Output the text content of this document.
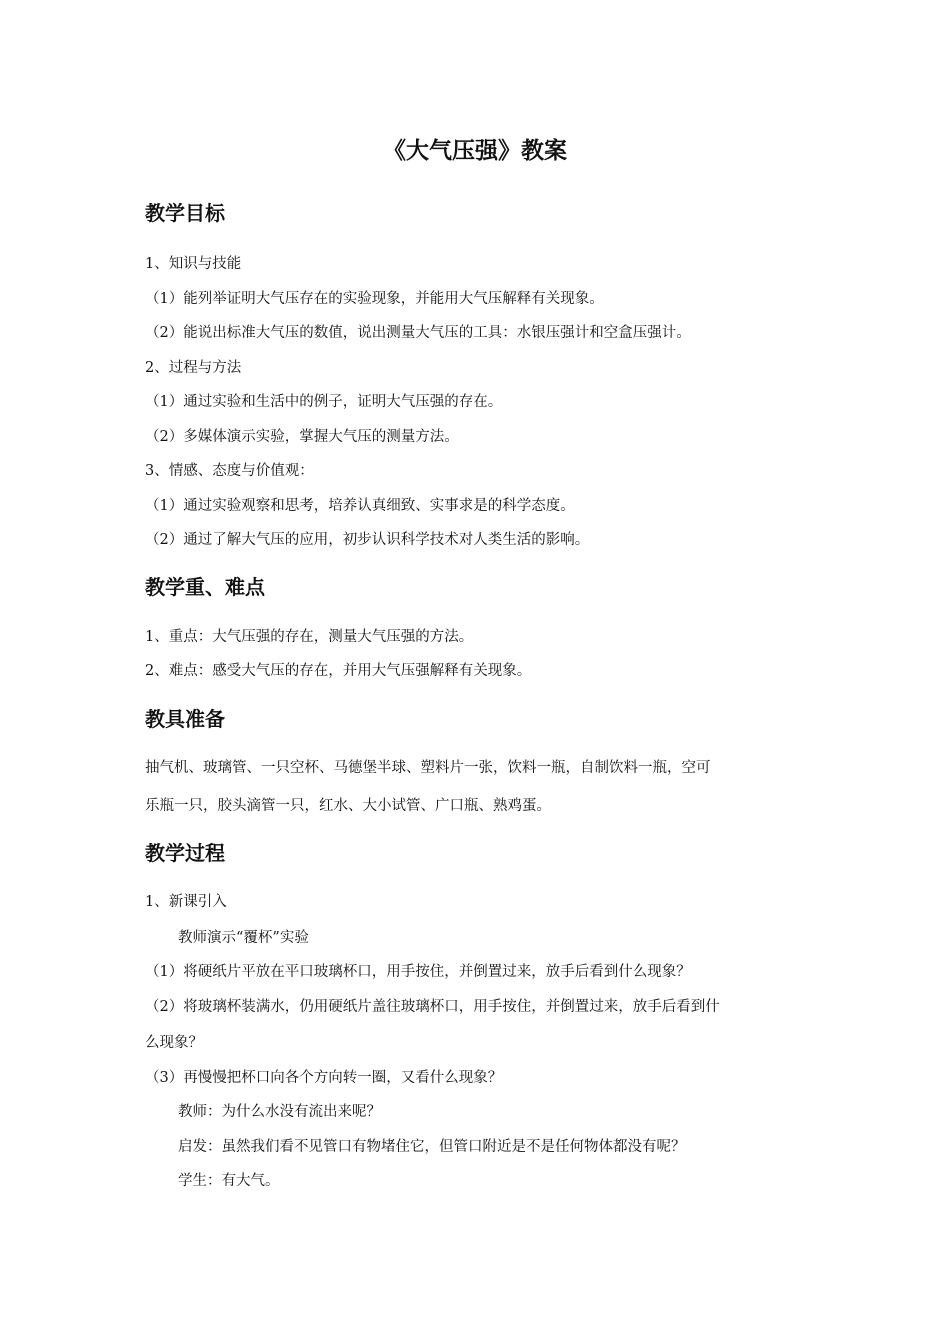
《大气压强》教案
教学目标
1、知识与技能
（1）能列举证明大气压存在的实验现象，并能用大气压解释有关现象。
（2）能说出标准大气压的数值，说出测量大气压的工具：水银压强计和空盒压强计。
2、过程与方法
（1）通过实验和生活中的例子，证明大气压强的存在。
（2）多媒体演示实验，掌握大气压的测量方法。
3、情感、态度与价值观：
（1）通过实验观察和思考，培养认真细致、实事求是的科学态度。
（2）通过了解大气压的应用，初步认识科学技术对人类生活的影响。
教学重、难点
1、重点：大气压强的存在，测量大气压强的方法。
2、难点：感受大气压的存在，并用大气压强解释有关现象。
教具准备
抽气机、玻璃管、一只空杯、马德堡半球、塑料片一张，饮料一瓶，自制饮料一瓶，空可
乐瓶一只，胶头滴管一只，红水、大小试管、广口瓶、熟鸡蛋。
教学过程
1、新课引入
教师演示“覆杯”实验
（1）将硬纸片平放在平口玻璃杯口，用手按住，并倒置过来，放手后看到什么现象？
（2）将玻璃杯装满水，仍用硬纸片盖往玻璃杯口，用手按住，并倒置过来，放手后看到什
么现象？
（3）再慢慢把杯口向各个方向转一圈，又看什么现象？
教师：为什么水没有流出来呢？
启发：虽然我们看不见管口有物堵住它，但管口附近是不是任何物体都没有呢？
学生：有大气。
